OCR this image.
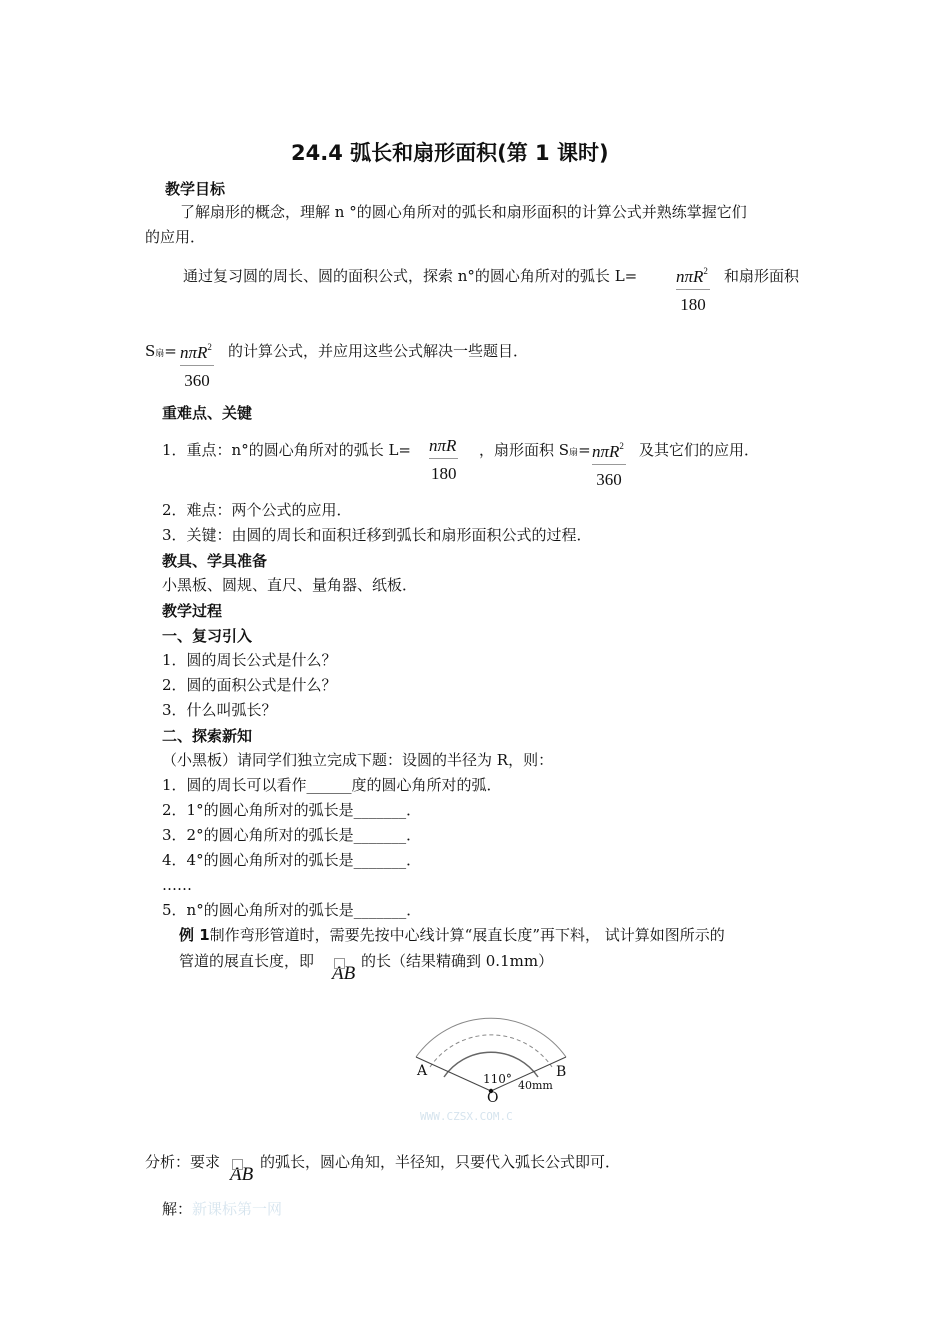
24.4 弧长和扇形面积(第 1 课时)
教学目标
了解扇形的概念，理解 n °的圆心角所对的弧长和扇形面积的计算公式并熟练掌握它们
的应用．
通过复习圆的周长、圆的面积公式，探索 n°的圆心角所对的弧长 L= nπR$^2$
180
和扇形面积
S扇= nπR$^2$
360
的计算公式，并应用这些公式解决一些题目．
重难点、关键
1．重点：n°的圆心角所对的弧长 L= nπR
180
，扇形面积 S扇= nπR$^2$
360
及其它们的应用．
2．难点：两个公式的应用．
3．关键：由圆的周长和面积迁移到弧长和扇形面积公式的过程．
教具、学具准备
小黑板、圆规、直尺、量角器、纸板．
教学过程
一、复习引入
1．圆的周长公式是什么？
2．圆的面积公式是什么？
3．什么叫弧长？
二、探索新知
（小黑板）请同学们独立完成下题：设圆的半径为 R，则：
1．圆的周长可以看作______度的圆心角所对的弧．
2．1°的圆心角所对的弧长是_______．
3．2°的圆心角所对的弧长是_______．
4．4°的圆心角所对的弧长是_______．
……
5．n°的圆心角所对的弧长是_______．
例 1制作弯形管道时，需要先按中心线计算“展直长度”再下料， 试计算如图所示的
管道的展直长度，即
AB
的长（结果精确到 0.1mm）
A	B
110° 40mm
O
WWW.CZSX.COM.C
分析：要求
AB
的弧长，圆心角知，半径知，只要代入弧长公式即可．
解：新课标第一网
